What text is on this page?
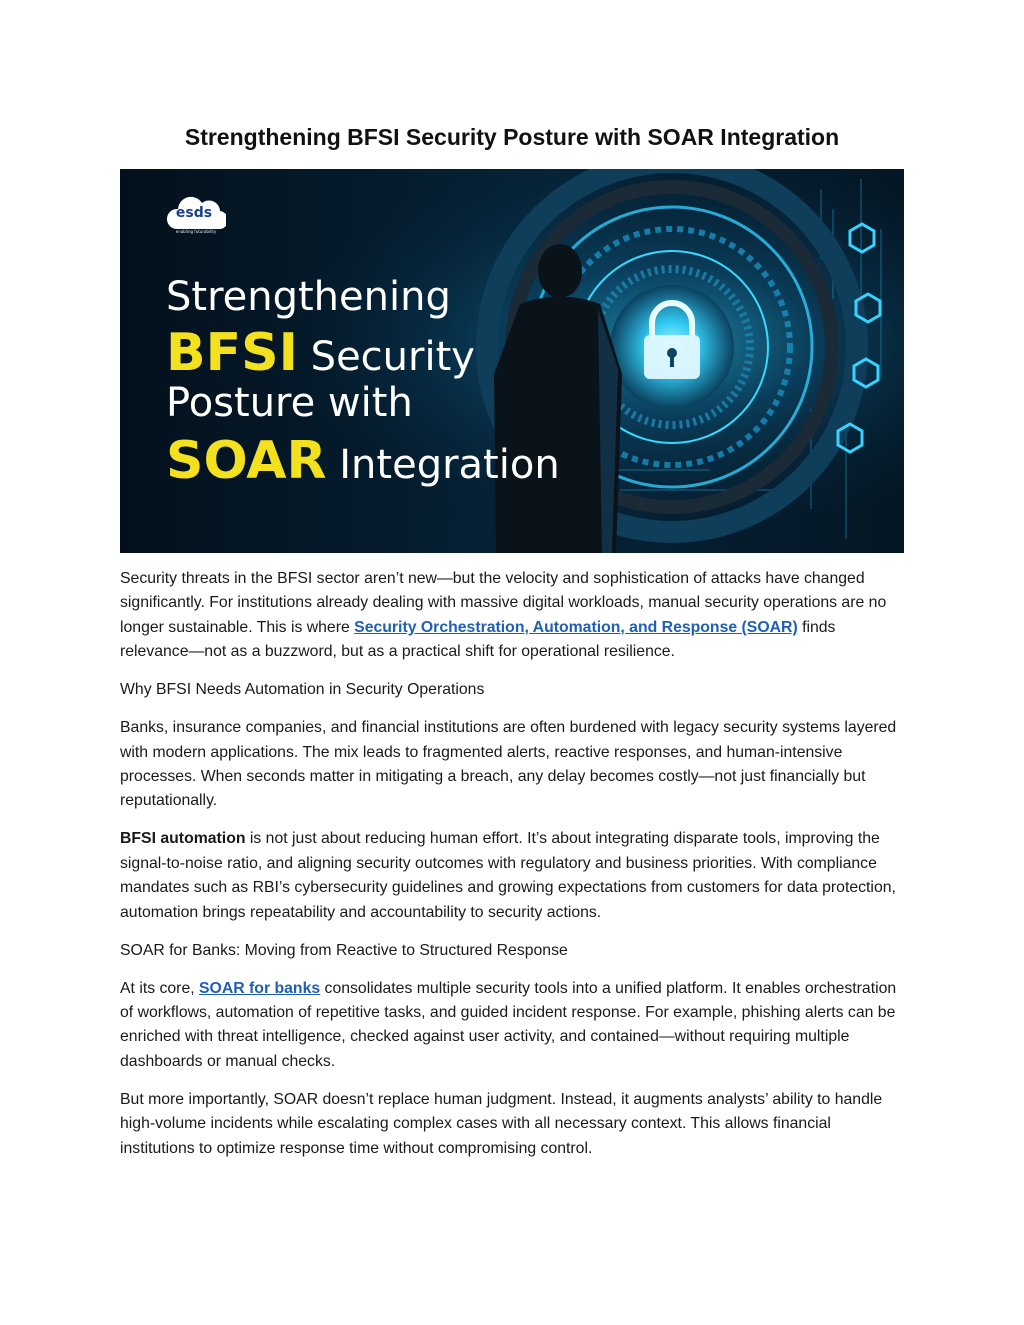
Strengthening BFSI Security Posture with SOAR Integration
esds
enabling futurability
Strengthening
BFSI Security
Posture with
SOAR Integration

Security threats in the BFSI sector aren’t new—but the velocity and sophistication of attacks have changed significantly. For institutions already dealing with massive digital workloads, manual security operations are no longer sustainable. This is where Security Orchestration, Automation, and Response (SOAR) finds relevance—not as a buzzword, but as a practical shift for operational resilience.

Why BFSI Needs Automation in Security Operations

Banks, insurance companies, and financial institutions are often burdened with legacy security systems layered with modern applications. The mix leads to fragmented alerts, reactive responses, and human-intensive processes. When seconds matter in mitigating a breach, any delay becomes costly—not just financially but reputationally.

BFSI automation is not just about reducing human effort. It’s about integrating disparate tools, improving the signal-to-noise ratio, and aligning security outcomes with regulatory and business priorities. With compliance mandates such as RBI’s cybersecurity guidelines and growing expectations from customers for data protection, automation brings repeatability and accountability to security actions.

SOAR for Banks: Moving from Reactive to Structured Response

At its core, SOAR for banks consolidates multiple security tools into a unified platform. It enables orchestration of workflows, automation of repetitive tasks, and guided incident response. For example, phishing alerts can be enriched with threat intelligence, checked against user activity, and contained—without requiring multiple dashboards or manual checks.

But more importantly, SOAR doesn’t replace human judgment. Instead, it augments analysts’ ability to handle high-volume incidents while escalating complex cases with all necessary context. This allows financial institutions to optimize response time without compromising control.
